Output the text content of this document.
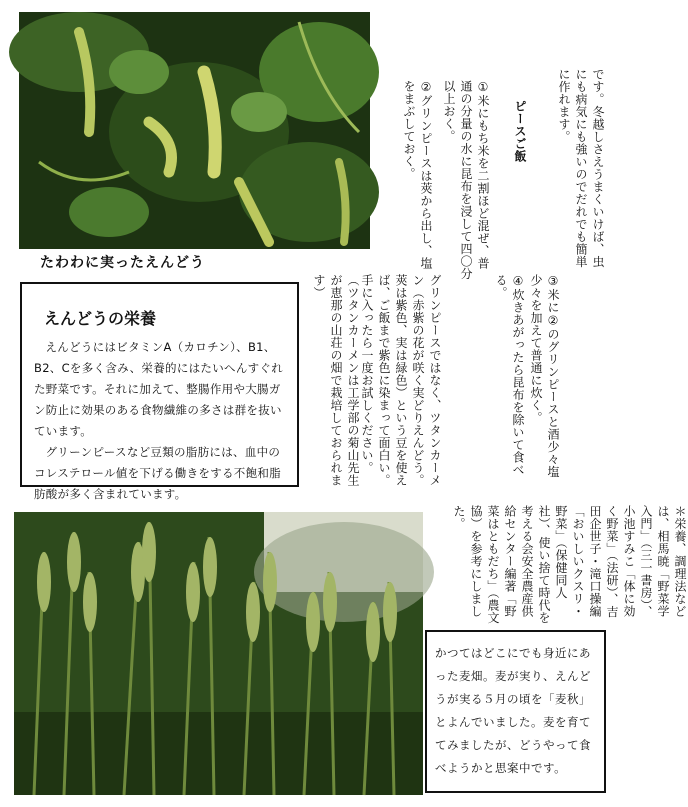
たわわに実ったえんどう	です。冬越しさえうまくいけば、虫にも病気にも強いのでだれでも簡単に作れます。
ピースご飯
①米にもち米を二割ほど混ぜ、普通の分量の水に昆布を浸して四〇分以上おく。
②グリンピースは莢から出し、塩をまぶしておく。
③米に②のグリンピースと酒少々塩少々を加えて普通に炊く。
④炊きあがったら昆布を除いて食べる。
グリンピースではなく、ツタンカーメン（赤紫の花が咲く実どりえんどう。莢は紫色、実は緑色）という豆を使えば、ご飯まで紫色に染まって面白い。手に入ったら一度お試しください。
（ツタンカーメンは工学部の菊山先生が恵那の山荘の畑で栽培しておられます）
＊栄養、調理法などは、相馬暁「野菜学入門」（三一書房）、小池すみこ「体に効く野菜」（法研）、吉田企世子・滝口操編「おいしいクスリ・野菜」（保健同人社）、使い捨て時代を考える会安全農産供給センター編著「野菜はともだち」（農文協）を参考にしました。
えんどうの栄養

えんどうにはビタミンA（カロチン）、B1、B2、Cを多く含み、栄養的にはたいへんすぐれた野菜です。それに加えて、整腸作用や大腸ガン防止に効果のある食物繊維の多さは群を抜いています。

グリーンピースなど豆類の脂肪には、血中のコレステロール値を下げる働きをする不飽和脂肪酸が多く含まれています。

かつてはどこにでも身近にあった麦畑。麦が実り、えんどうが実る５月の頃を「麦秋」とよんでいました。麦を育ててみましたが、どうやって食べようかと思案中です。
